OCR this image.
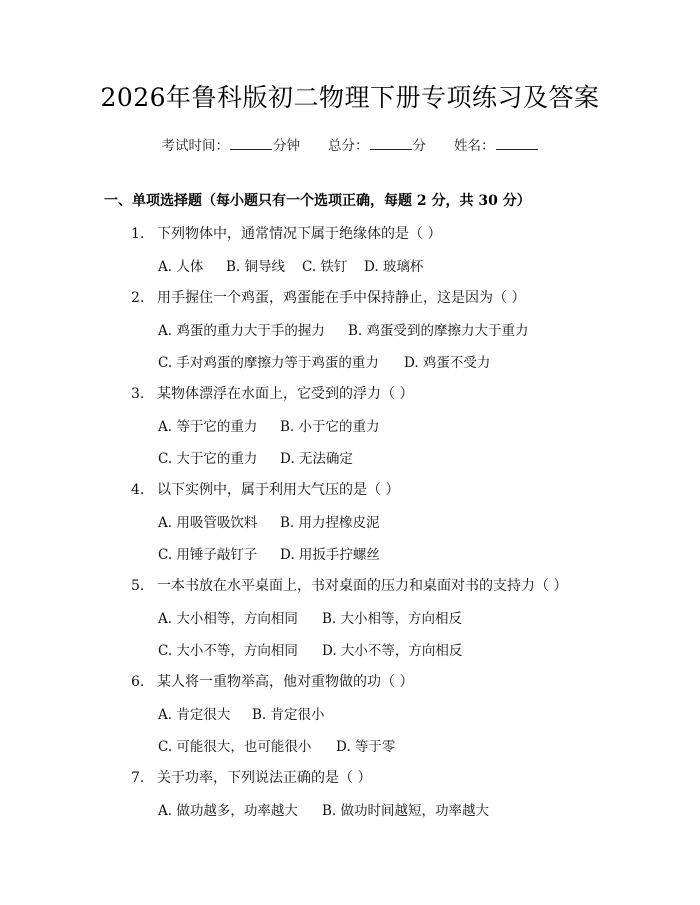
2026年鲁科版初二物理下册专项练习及答案
考试时间：	分钟 总分：	分 姓名：
一、单项选择题（每小题只有一个选项正确，每题 2 分，共 30 分）
1. 下列物体中，通常情况下属于绝缘体的是（ ）
A. 人体 B. 铜导线 C. 铁钉 D. 玻璃杯
2. 用手握住一个鸡蛋，鸡蛋能在手中保持静止，这是因为（ ）
A. 鸡蛋的重力大于手的握力 B. 鸡蛋受到的摩擦力大于重力
C. 手对鸡蛋的摩擦力等于鸡蛋的重力 D. 鸡蛋不受力
3. 某物体漂浮在水面上，它受到的浮力（ ）
A. 等于它的重力 B. 小于它的重力
C. 大于它的重力 D. 无法确定
4. 以下实例中，属于利用大气压的是（ ）
A. 用吸管吸饮料 B. 用力捏橡皮泥
C. 用锤子敲钉子 D. 用扳手拧螺丝
5. 一本书放在水平桌面上，书对桌面的压力和桌面对书的支持力（ ）
A. 大小相等，方向相同 B. 大小相等，方向相反
C. 大小不等，方向相同 D. 大小不等，方向相反
6. 某人将一重物举高，他对重物做的功（ ）
A. 肯定很大 B. 肯定很小
C. 可能很大，也可能很小 D. 等于零
7. 关于功率，下列说法正确的是（ ）
A. 做功越多，功率越大 B. 做功时间越短，功率越大
